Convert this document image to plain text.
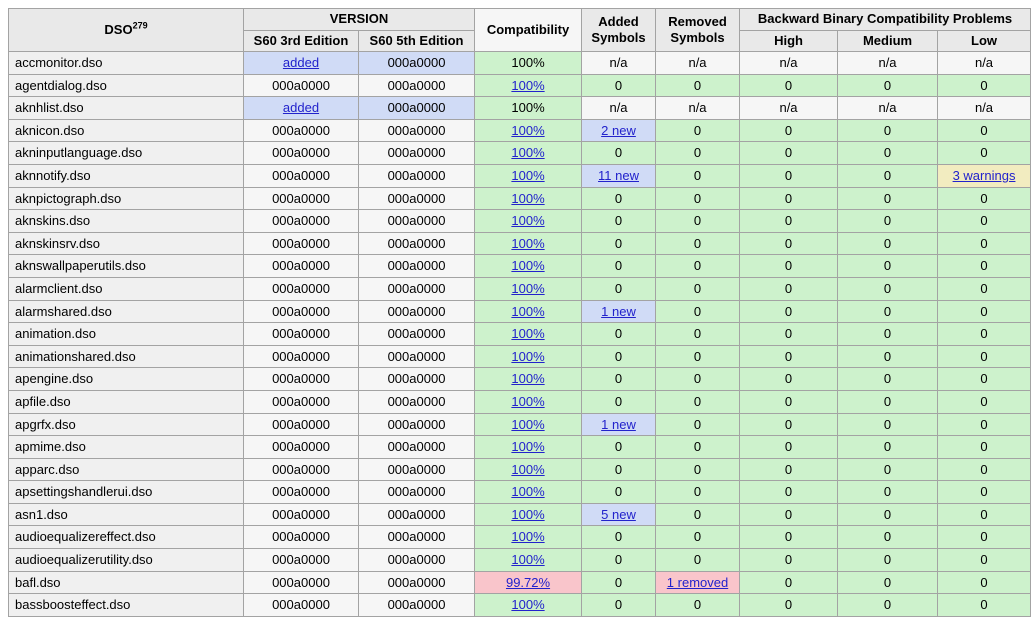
DSO$^{279}$	VERSION		Compatibility	Added Symbols	Removed Symbols	Backward Binary Compatibility Problems		
	S60 3rd Edition	S60 5th Edition				High	Medium	Low
accmonitor.dso	added	000a0000	100%	n/a	n/a	n/a	n/a	n/a
agentdialog.dso	000a0000	000a0000	100%	0	0	0	0	0
aknhlist.dso	added	000a0000	100%	n/a	n/a	n/a	n/a	n/a
aknicon.dso	000a0000	000a0000	100%	2 new	0	0	0	0
akninputlanguage.dso	000a0000	000a0000	100%	0	0	0	0	0
aknnotify.dso	000a0000	000a0000	100%	11 new	0	0	0	3 warnings
aknpictograph.dso	000a0000	000a0000	100%	0	0	0	0	0
aknskins.dso	000a0000	000a0000	100%	0	0	0	0	0
aknskinsrv.dso	000a0000	000a0000	100%	0	0	0	0	0
aknswallpaperutils.dso	000a0000	000a0000	100%	0	0	0	0	0
alarmclient.dso	000a0000	000a0000	100%	0	0	0	0	0
alarmshared.dso	000a0000	000a0000	100%	1 new	0	0	0	0
animation.dso	000a0000	000a0000	100%	0	0	0	0	0
animationshared.dso	000a0000	000a0000	100%	0	0	0	0	0
apengine.dso	000a0000	000a0000	100%	0	0	0	0	0
apfile.dso	000a0000	000a0000	100%	0	0	0	0	0
apgrfx.dso	000a0000	000a0000	100%	1 new	0	0	0	0
apmime.dso	000a0000	000a0000	100%	0	0	0	0	0
apparc.dso	000a0000	000a0000	100%	0	0	0	0	0
apsettingshandlerui.dso	000a0000	000a0000	100%	0	0	0	0	0
asn1.dso	000a0000	000a0000	100%	5 new	0	0	0	0
audioequalizereffect.dso	000a0000	000a0000	100%	0	0	0	0	0
audioequalizerutility.dso	000a0000	000a0000	100%	0	0	0	0	0
bafl.dso	000a0000	000a0000	99.72%	0	1 removed	0	0	0
bassboosteffect.dso	000a0000	000a0000	100%	0	0	0	0	0
